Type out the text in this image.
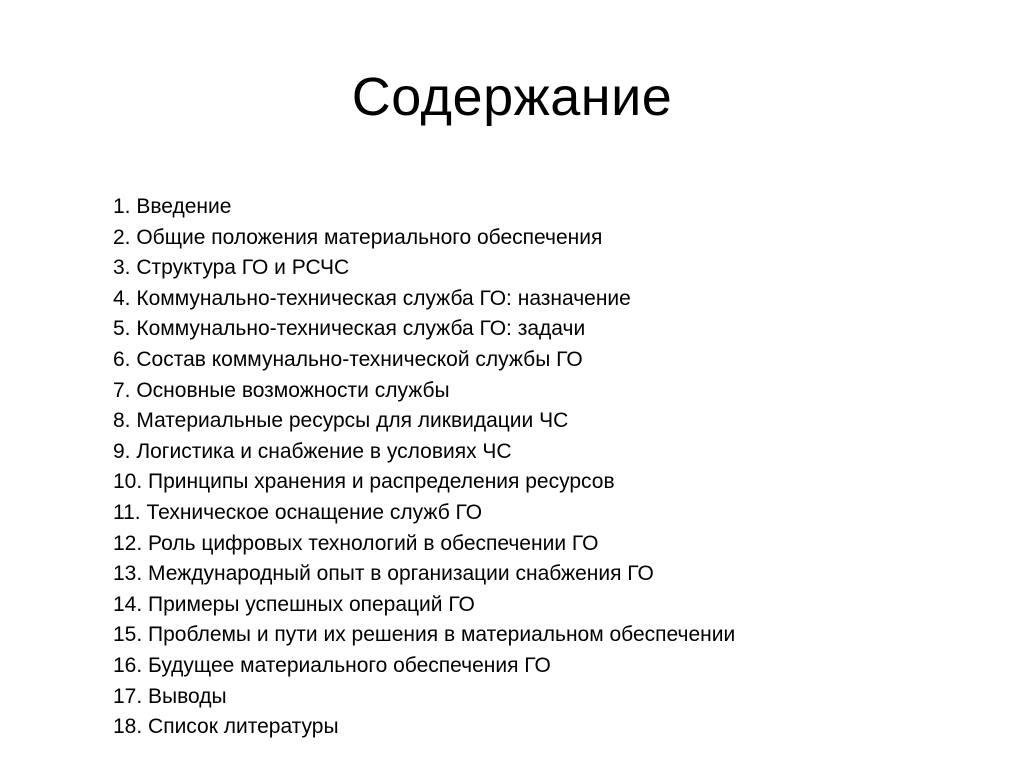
Содержание
1. Введение
2. Общие положения материального обеспечения
3. Структура ГО и РСЧС
4. Коммунально-техническая служба ГО: назначение
5. Коммунально-техническая служба ГО: задачи
6. Состав коммунально-технической службы ГО
7. Основные возможности службы
8. Материальные ресурсы для ликвидации ЧС
9. Логистика и снабжение в условиях ЧС
10. Принципы хранения и распределения ресурсов
11. Техническое оснащение служб ГО
12. Роль цифровых технологий в обеспечении ГО
13. Международный опыт в организации снабжения ГО
14. Примеры успешных операций ГО
15. Проблемы и пути их решения в материальном обеспечении
16. Будущее материального обеспечения ГО
17. Выводы
18. Список литературы
